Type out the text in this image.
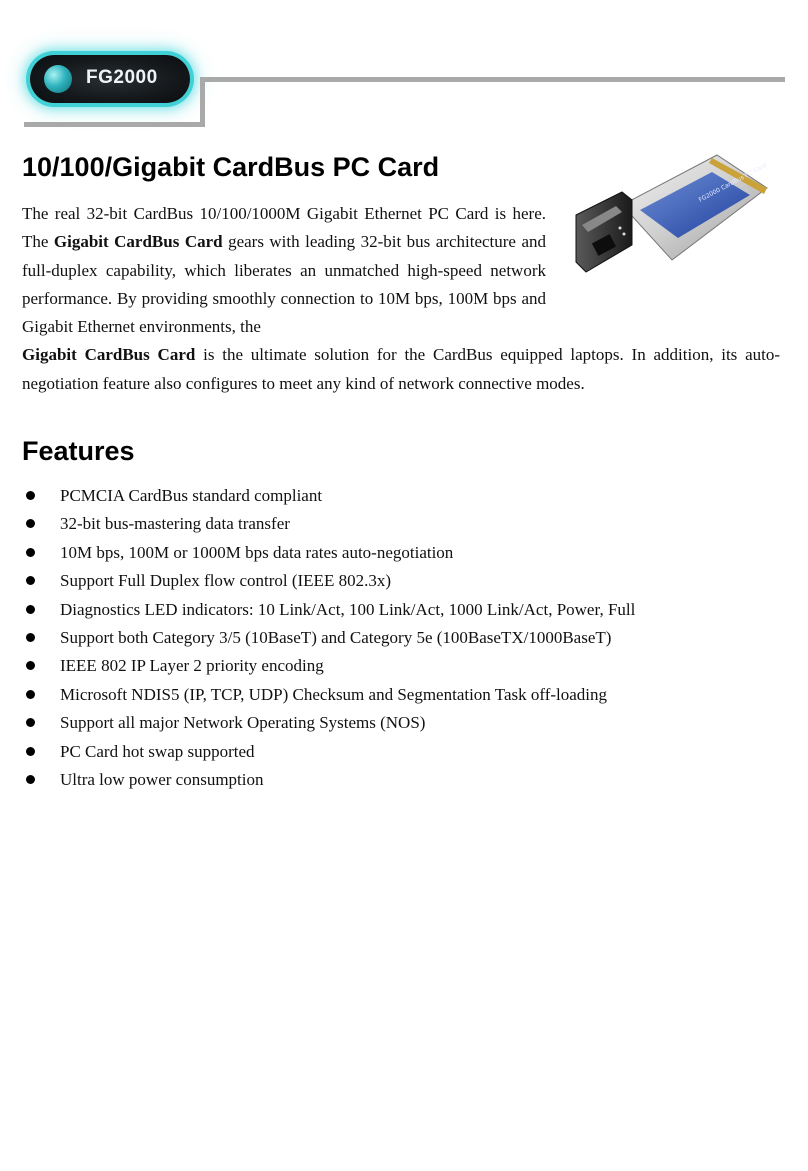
FG2000
10/100/Gigabit CardBus PC Card	FG2000 CardBus PC Card

The real 32-bit CardBus 10/100/1000M Gigabit Ethernet PC Card is here. The Gigabit CardBus Card gears with leading 32-bit bus architecture and full-duplex capability, which liberates an unmatched high-speed network performance. By providing smoothly connection to 10M bps, 100M bps and Gigabit Ethernet environments, the
Gigabit CardBus Card is the ultimate solution for the CardBus equipped laptops. In addition, its auto-negotiation feature also configures to meet any kind of network connective modes.

Features
PCMCIA CardBus standard compliant
32-bit bus-mastering data transfer
10M bps, 100M or 1000M bps data rates auto-negotiation
Support Full Duplex flow control (IEEE 802.3x)
Diagnostics LED indicators: 10 Link/Act, 100 Link/Act, 1000 Link/Act, Power, Full
Support both Category 3/5 (10BaseT) and Category 5e (100BaseTX/1000BaseT)
IEEE 802 IP Layer 2 priority encoding
Microsoft NDIS5 (IP, TCP, UDP) Checksum and Segmentation Task off-loading
Support all major Network Operating Systems (NOS)
PC Card hot swap supported
Ultra low power consumption
